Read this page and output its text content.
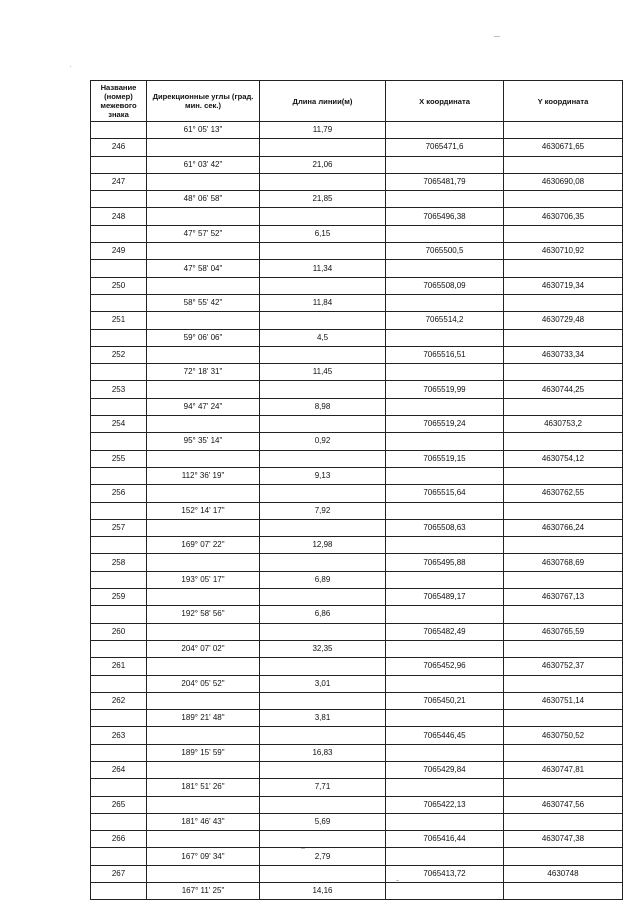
Название (номер) межевого знака	Дирекционные углы (град. мин. сек.)	Длина линии(м)	X координата	Y координата
	61° 05' 13"	11,79		
246			7065471,6	4630671,65
	61° 03' 42"	21,06		
247			7065481,79	4630690,08
	48° 06' 58"	21,85		
248			7065496,38	4630706,35
	47° 57' 52"	6,15		
249			7065500,5	4630710,92
	47° 58' 04"	11,34		
250			7065508,09	4630719,34
	58° 55' 42"	11,84		
251			7065514,2	4630729,48
	59° 06' 06"	4,5		
252			7065516,51	4630733,34
	72° 18' 31"	11,45		
253			7065519,99	4630744,25
	94° 47' 24"	8,98		
254			7065519,24	4630753,2
	95° 35' 14"	0,92		
255			7065519,15	4630754,12
	112° 36' 19"	9,13		
256			7065515,64	4630762,55
	152° 14' 17"	7,92		
257			7065508,63	4630766,24
	169° 07' 22"	12,98		
258			7065495,88	4630768,69
	193° 05' 17"	6,89		
259			7065489,17	4630767,13
	192° 58' 56"	6,86		
260			7065482,49	4630765,59
	204° 07' 02"	32,35		
261			7065452,96	4630752,37
	204° 05' 52"	3,01		
262			7065450,21	4630751,14
	189° 21' 48"	3,81		
263			7065446,45	4630750,52
	189° 15' 59"	16,83		
264			7065429,84	4630747,81
	181° 51' 26"	7,71		
265			7065422,13	4630747,56
	181° 46' 43"	5,69		
266			7065416,44	4630747,38
	167° 09' 34"	2,79		
267			7065413,72	4630748
	167° 11' 25"	14,16		
